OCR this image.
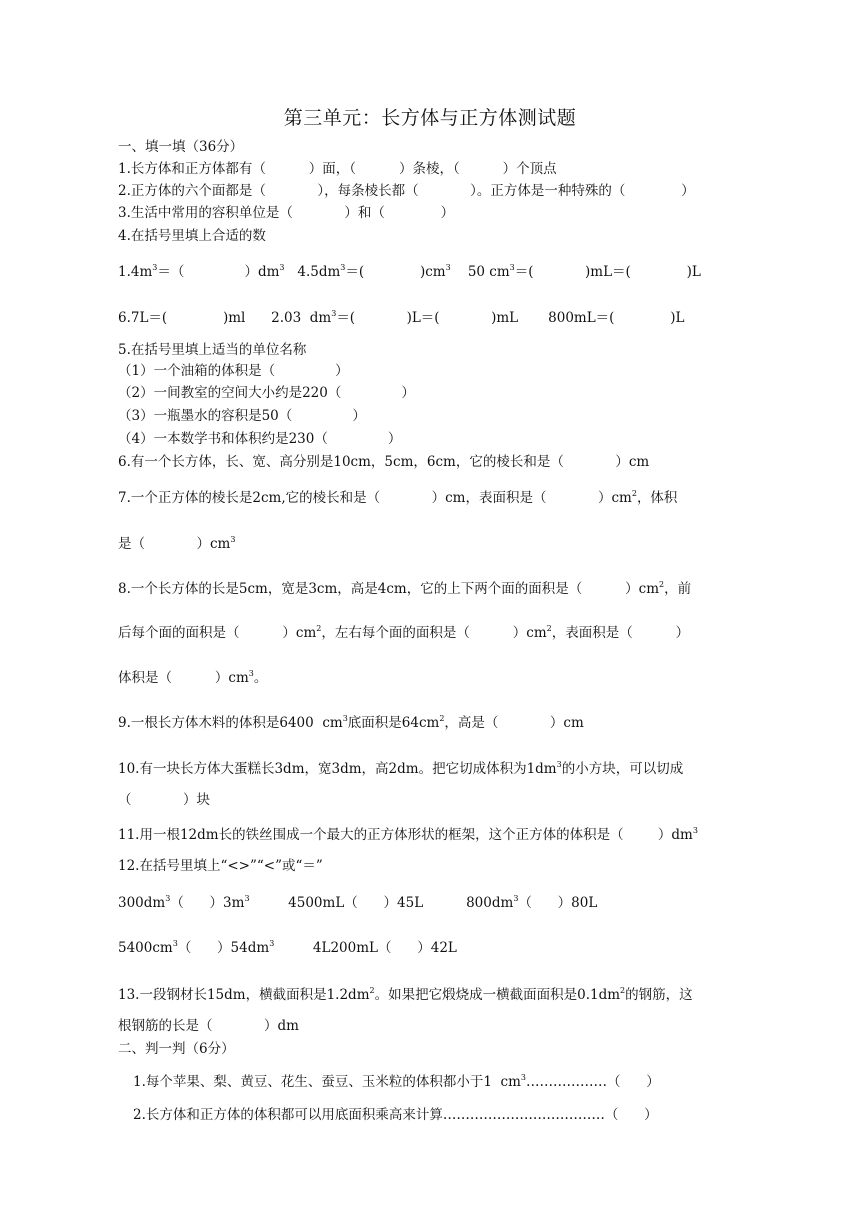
第三单元：长方体与正方体测试题
一、填一填（36分）
1.长方体和正方体都有（          ）面，（          ）条棱，（          ）个顶点
2.正方体的六个面都是（            ），每条棱长都（            ）。正方体是一种特殊的（             ）
3.生活中常用的容积单位是（            ）和（             ）
4.在括号里填上合适的数
$1.4m^3=$（              ）$dm^3$   $4.5dm^3=$(             )$cm^3$    50 $cm^3=$(            )mL＝(             )L
6.7L＝(             )ml      2.03  $dm^3=$(            )L＝(            )mL       800mL＝(             )L
5.在括号里填上适当的单位名称
（1）一个油箱的体积是（              ）
（2）一间教室的空间大小约是220（              ）
（3）一瓶墨水的容积是50（              ）
（4）一本数学书和体积约是230（              ）
6.有一个长方体，长、宽、高分别是10cm，5cm，6cm，它的棱长和是（            ）cm
7.一个正方体的棱长是2cm,它的棱长和是（            ）cm，表面积是（            ）$cm^2$，体积
是（            ）$cm^3$
8.一个长方体的长是5cm，宽是3cm，高是4cm，它的上下两个面的面积是（          ）$cm^2$，前
后每个面的面积是（          ）$cm^2$，左右每个面的面积是（          ）$cm^2$，表面积是（          ）
体积是（          ）$cm^3$。
9.一根长方体木料的体积是6400  $cm^3$底面积是$64cm^2$，高是（            ）cm
10.有一块长方体大蛋糕长3dm，宽3dm，高2dm。把它切成体积为$1dm^3$的小方块，可以切成
（            ）块
11.用一根12dm长的铁丝围成一个最大的正方体形状的框架，这个正方体的体积是（        ）$dm^3$
12.在括号里填上“<>”“<”或“＝”
$300dm^3$（      ）$3m^3$         4500mL（      ）45L          $800dm^3$（      ）80L
$5400cm^3$（      ）$54dm^3$         4L200mL（      ）42L
13.一段钢材长15dm，横截面积是$1.2dm^2$。如果把它煅烧成一横截面面积是$0.1dm^2$的钢筋，这
根钢筋的长是（            ）dm
二、判一判（6分）
1.每个苹果、梨、黄豆、花生、蚕豆、玉米粒的体积都小于1  $cm^3\dots\dots\dots\dots\dots\dots$（      ）
2.长方体和正方体的体积都可以用底面积乘高来计算………………………………（      ）
